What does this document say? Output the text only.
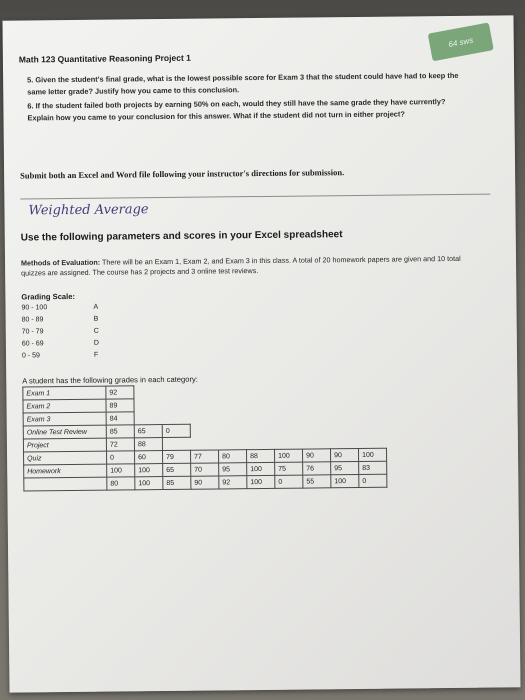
64 sws
Math 123 Quantitative Reasoning Project 1
5. Given the student's final grade, what is the lowest possible score for Exam 3 that the student could have had to keep the same letter grade? Justify how you came to this conclusion.
6. If the student failed both projects by earning 50% on each, would they still have the same grade they have currently? Explain how you came to your conclusion for this answer. What if the student did not turn in either project?
Submit both an Excel and Word file following your instructor's directions for submission.
Weighted Average
Use the following parameters and scores in your Excel spreadsheet
Methods of Evaluation: There will be an Exam 1, Exam 2, and Exam 3 in this class. A total of 20 homework papers are given and 10 total quizzes are assigned. The course has 2 projects and 3 online test reviews.
Grading Scale:
90 - 100	A
80 - 89	B
70 - 79	C
60 - 69	D
0 - 59	F
A student has the following grades in each category:
Exam 1	92									
Exam 2	89									
Exam 3	84									
Online Test Review	85	65	0							
Project	72	88								
Quiz	0	60	79	77	80	88	100	90	90	100
Homework	100	100	65	70	95	100	75	76	95	83
	80	100	85	90	92	100	0	55	100	0
